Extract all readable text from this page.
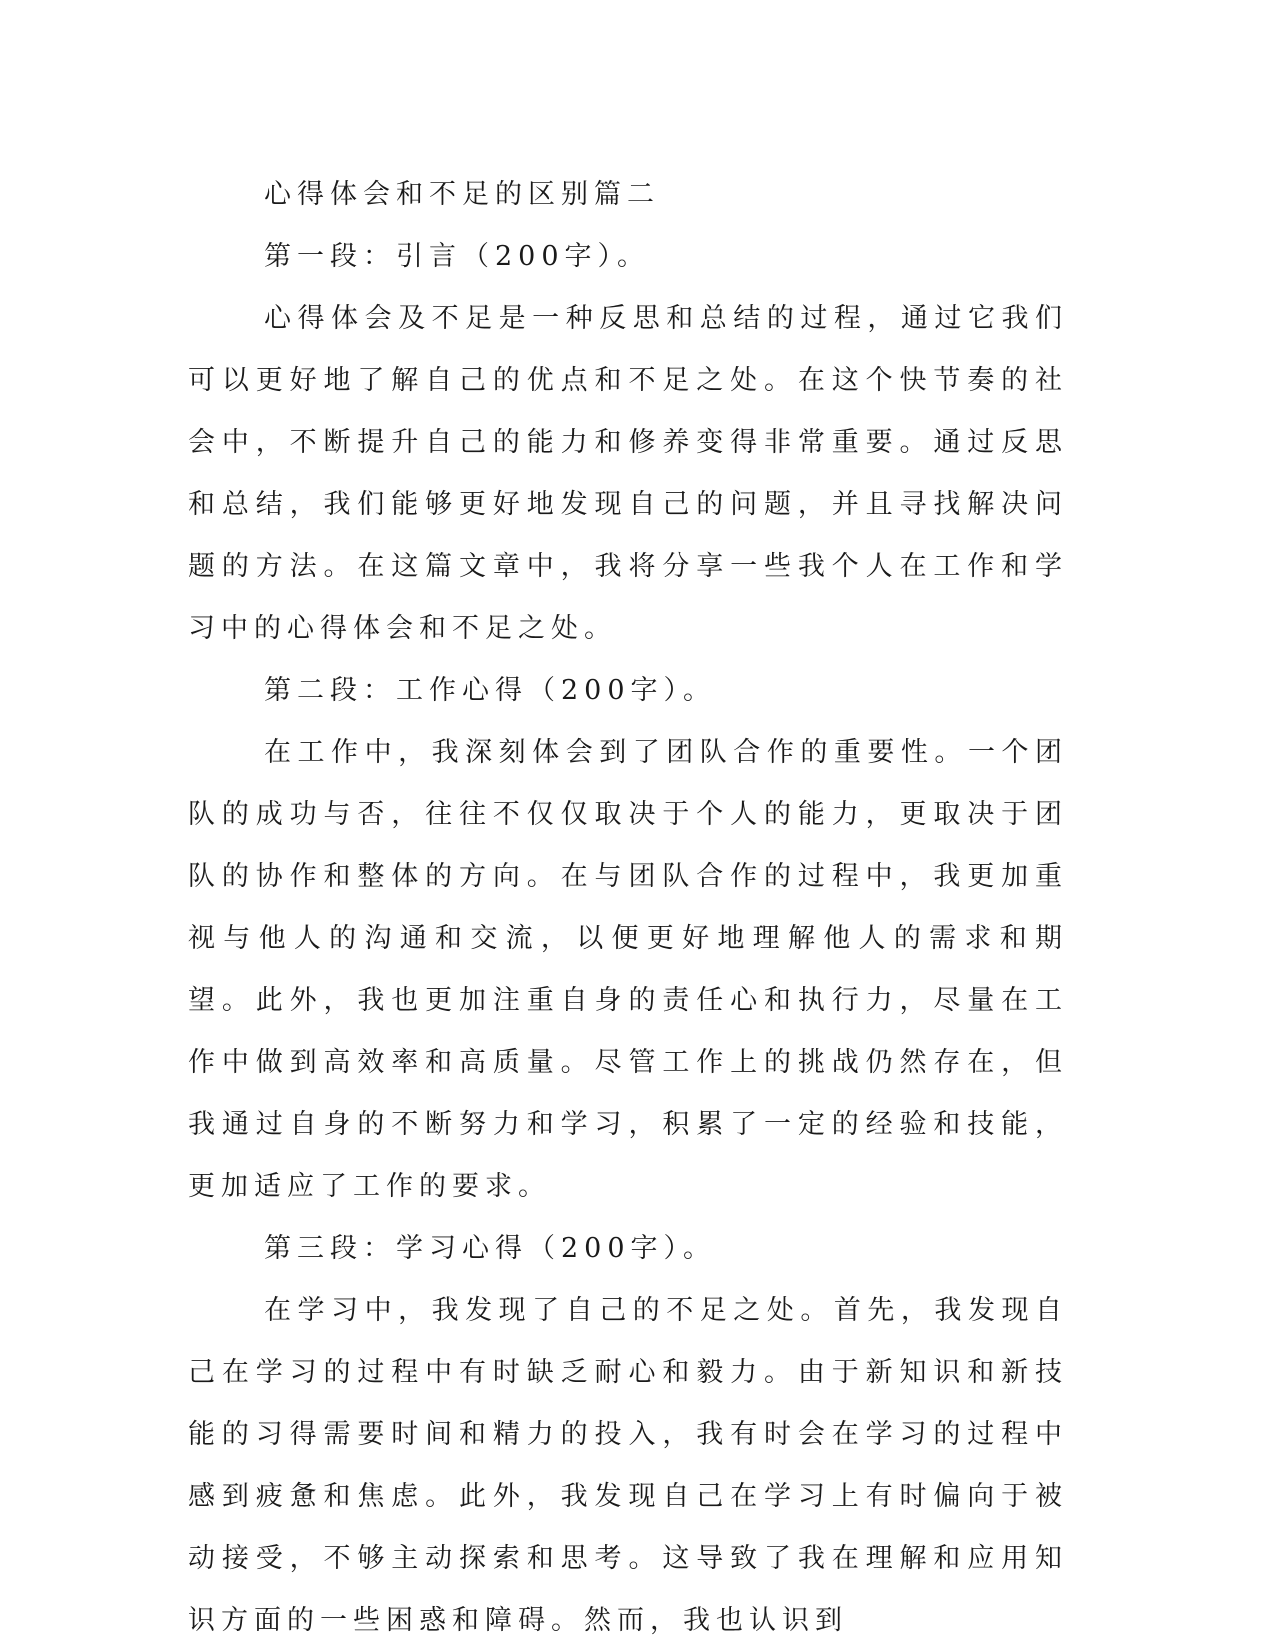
心得体会和不足的区别篇二

第一段：引言（200字）。

心得体会及不足是一种反思和总结的过程，通过它我们可以更好地了解自己的优点和不足之处。在这个快节奏的社会中，不断提升自己的能力和修养变得非常重要。通过反思和总结，我们能够更好地发现自己的问题，并且寻找解决问题的方法。在这篇文章中，我将分享一些我个人在工作和学习中的心得体会和不足之处。

第二段：工作心得（200字）。

在工作中，我深刻体会到了团队合作的重要性。一个团队的成功与否，往往不仅仅取决于个人的能力，更取决于团队的协作和整体的方向。在与团队合作的过程中，我更加重视与他人的沟通和交流，以便更好地理解他人的需求和期望。此外，我也更加注重自身的责任心和执行力，尽量在工作中做到高效率和高质量。尽管工作上的挑战仍然存在，但我通过自身的不断努力和学习，积累了一定的经验和技能，更加适应了工作的要求。

第三段：学习心得（200字）。

在学习中，我发现了自己的不足之处。首先，我发现自己在学习的过程中有时缺乏耐心和毅力。由于新知识和新技能的习得需要时间和精力的投入，我有时会在学习的过程中感到疲惫和焦虑。此外，我发现自己在学习上有时偏向于被动接受，不够主动探索和思考。这导致了我在理解和应用知识方面的一些困惑和障碍。然而，我也认识到
